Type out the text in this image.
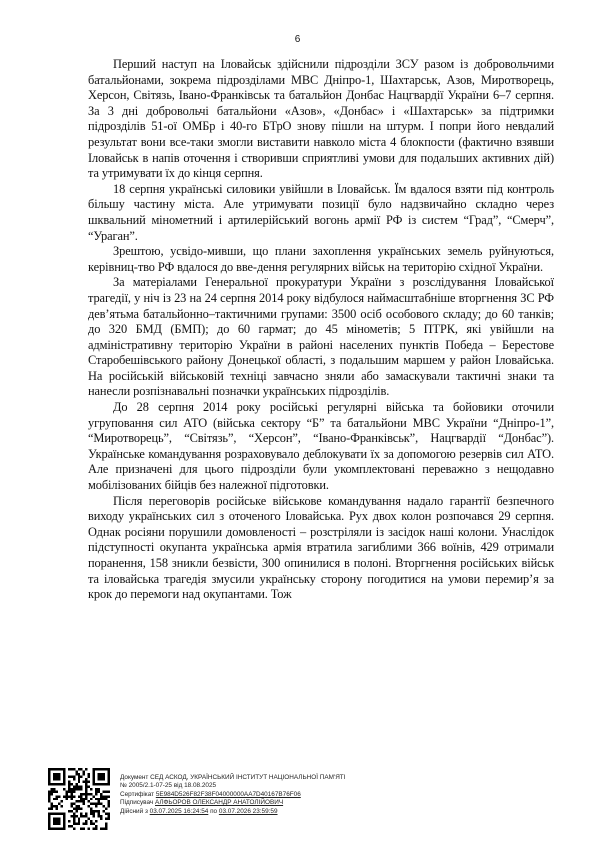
6

Перший наступ на Іловайськ здійснили підрозділи ЗСУ разом із добровольчими батальйонами, зокрема підрозділами МВС Дніпро-1, Шахтарськ, Азов, Миротворець, Херсон, Світязь, Івано-Франківськ та батальйон Донбас Нацгвардії України 6–7 серпня. За 3 дні добровольчі батальйони «Азов», «Донбас» і «Шахтарськ» за підтримки підрозділів 51-ої ОМБр і 40-го БТрО знову пішли на штурм. І попри його невдалий результат вони все-таки змогли виставити навколо міста 4 блокпости (фактично взявши Іловайськ в напів оточення і створивши сприятливі умови для подальших активних дій) та утримувати їх до кінця серпня.

18 серпня українські силовики увійшли в Іловайськ. Їм вдалося взяти під контроль більшу частину міста. Але утримувати позиції було надзвичайно складно через шквальний мінометний і артилерійський вогонь армії РФ із систем “Град”, “Смерч”, “Ураган”.

Зрештою, усвідо-мивши, що плани захоплення українських земель руйнуються, керівниц-тво РФ вдалося до вве-дення регулярних військ на територію східної України.

За матеріалами Генеральної прокуратури України з розслідування Іловайської трагедії, у ніч із 23 на 24 серпня 2014 року відбулося наймасштабніше вторгнення ЗС РФ дев’ятьма батальйонно–тактичними групами: 3500 осіб особового складу; до 60 танків; до 320 БМД (БМП); до 60 гармат; до 45 мінометів; 5 ПТРК, які увійшли на адміністративну територію України в районі населених пунктів Победа – Берестове Старобешівського району Донецької області, з подальшим маршем у район Іловайська. На російській військовій техніці завчасно зняли або замаскували тактичні знаки та нанесли розпізнавальні позначки українських підрозділів.

До 28 серпня 2014 року російські регулярні війська та бойовики оточили угруповання сил АТО (війська сектору “Б” та батальйони МВС України “Дніпро-1”, “Миротворець”, “Світязь”, “Херсон”, “Івано-Франківськ”, Нацгвардії “Донбас”). Українське командування розраховувало деблокувати їх за допомогою резервів сил АТО. Але призначені для цього підрозділи були укомплектовані переважно з нещодавно мобілізованих бійців без належної підготовки.

Після переговорів російське військове командування надало гарантії безпечного виходу українських сил з оточеного Іловайська. Рух двох колон розпочався 29 серпня. Однак росіяни порушили домовленості – розстріляли із засідок наші колони. Унаслідок підступності окупанта українська армія втратила загиблими 366 воїнів, 429 отримали поранення, 158 зникли безвісти, 300 опинилися в полоні. Вторгнення російських військ та іловайська трагедія змусили українську сторону погодитися на умови перемир’я за крок до перемоги над окупантами. Тож

Документ СЕД АСКОД, УКРАЇНСЬКИЙ ІНСТИТУТ НАЦІОНАЛЬНОЇ ПАМ'ЯТІ
№ 2005/2.1-07-25 від 18.08.2025
Сертифікат 5E984D526F82F38F04000000AA7D40167B76F06
Підписувач АЛФЬОРОВ ОЛЕКСАНДР АНАТОЛІЙОВИЧ
Дійсний з 03.07.2025 16:24:54 по 03.07.2026 23:59:59
